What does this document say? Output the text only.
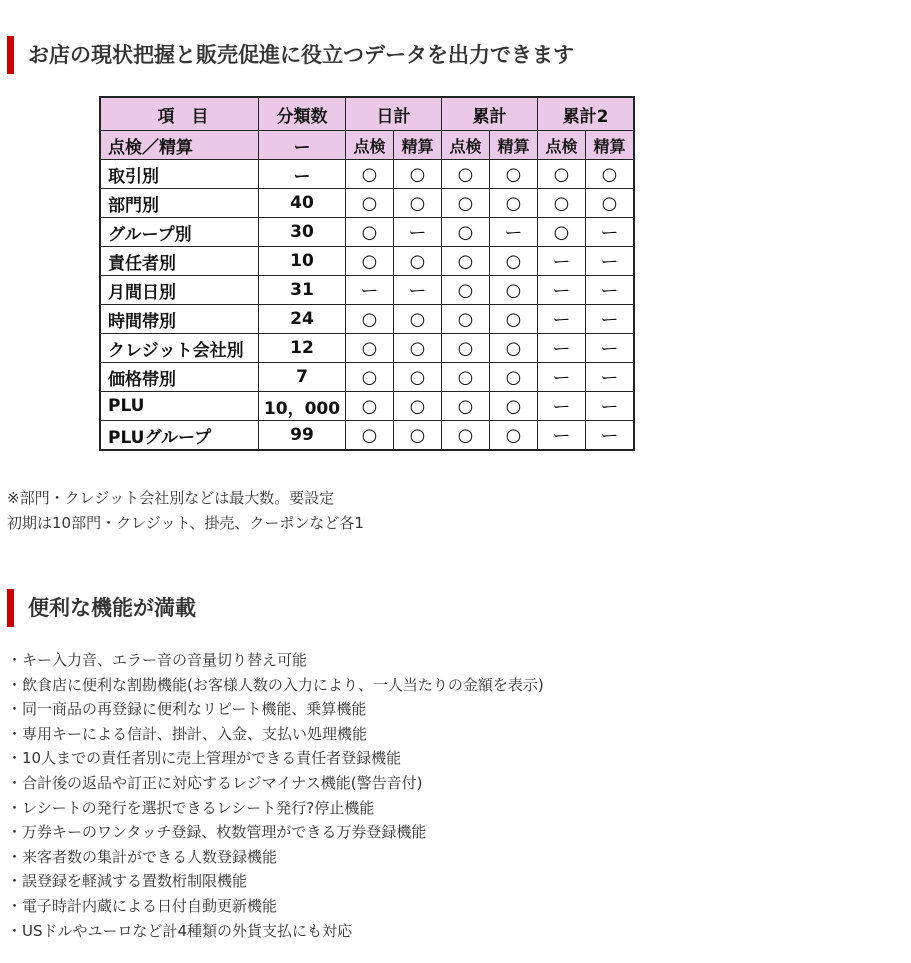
お店の現状把握と販売促進に役立つデータを出力できます
項　目	分類数	日計		累計		累計2	
点検／精算	ー	点検	精算	点検	精算	点検	精算
取引別	ー	○	○	○	○	○	○
部門別	40	○	○	○	○	○	○
グループ別	30	○	ー	○	ー	○	ー
責任者別	10	○	○	○	○	ー	ー
月間日別	31	ー	ー	○	○	ー	ー
時間帯別	24	○	○	○	○	ー	ー
クレジット会社別	12	○	○	○	○	ー	ー
価格帯別	7	○	○	○	○	ー	ー
PLU	10，000	○	○	○	○	ー	ー
PLUグループ	99	○	○	○	○	ー	ー
※部門・クレジット会社別などは最大数。要設定
初期は10部門・クレジット、掛売、クーポンなど各1
便利な機能が満載
・キー入力音、エラー音の音量切り替え可能
・飲食店に便利な割勘機能(お客様人数の入力により、一人当たりの金額を表示)
・同一商品の再登録に便利なリピート機能、乗算機能
・専用キーによる信計、掛計、入金、支払い処理機能
・10人までの責任者別に売上管理ができる責任者登録機能
・合計後の返品や訂正に対応するレジマイナス機能(警告音付)
・レシートの発行を選択できるレシート発行?停止機能
・万券キーのワンタッチ登録、枚数管理ができる万券登録機能
・来客者数の集計ができる人数登録機能
・誤登録を軽減する置数桁制限機能
・電子時計内蔵による日付自動更新機能
・USドルやユーロなど計4種類の外貨支払にも対応
